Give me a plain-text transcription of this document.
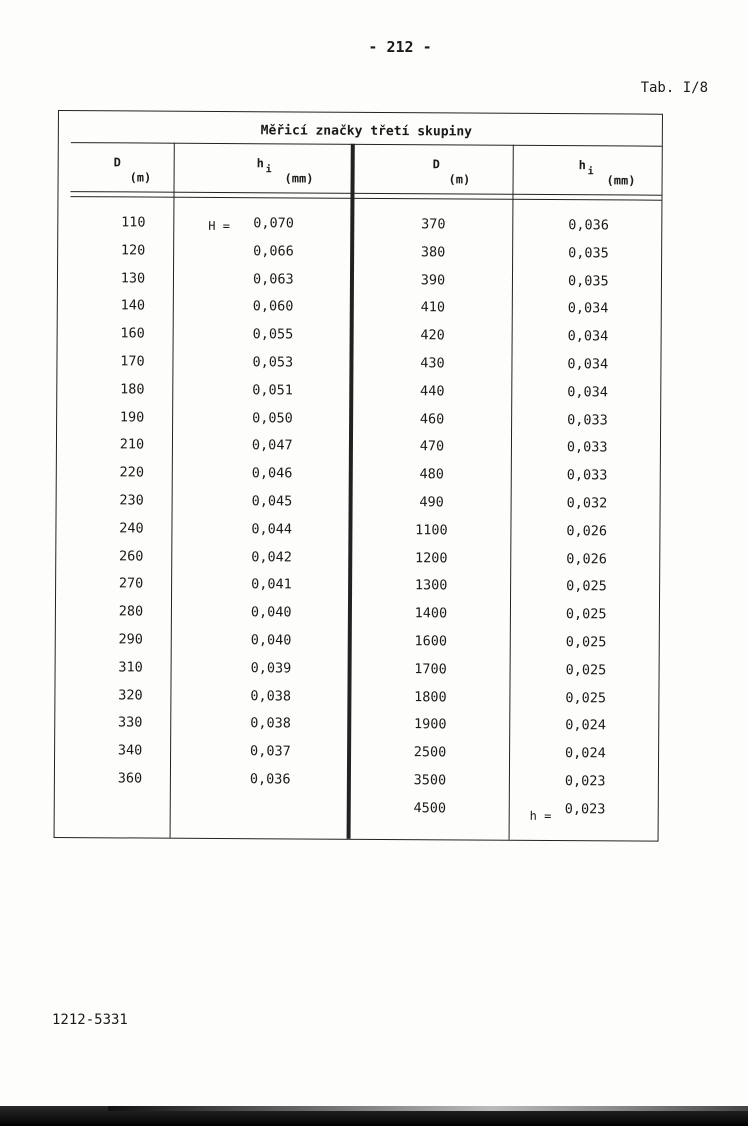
- 212 -
Tab. I/8
Měřicí značky třetí skupiny
D
(m)
h i
(mm)
D
(m)
h i
(mm)
H =
h =
110
120
130
140
160
170
180
190
210
220
230
240
260
270
280
290
310
320
330
340
360
0,070
0,066
0,063
0,060
0,055
0,053
0,051
0,050
0,047
0,046
0,045
0,044
0,042
0,041
0,040
0,040
0,039
0,038
0,038
0,037
0,036
370
380
390
410
420
430
440
460
470
480
490
1100
1200
1300
1400
1600
1700
1800
1900
2500
3500
4500
0,036
0,035
0,035
0,034
0,034
0,034
0,034
0,033
0,033
0,033
0,032
0,026
0,026
0,025
0,025
0,025
0,025
0,025
0,024
0,024
0,023
0,023
1212-5331
